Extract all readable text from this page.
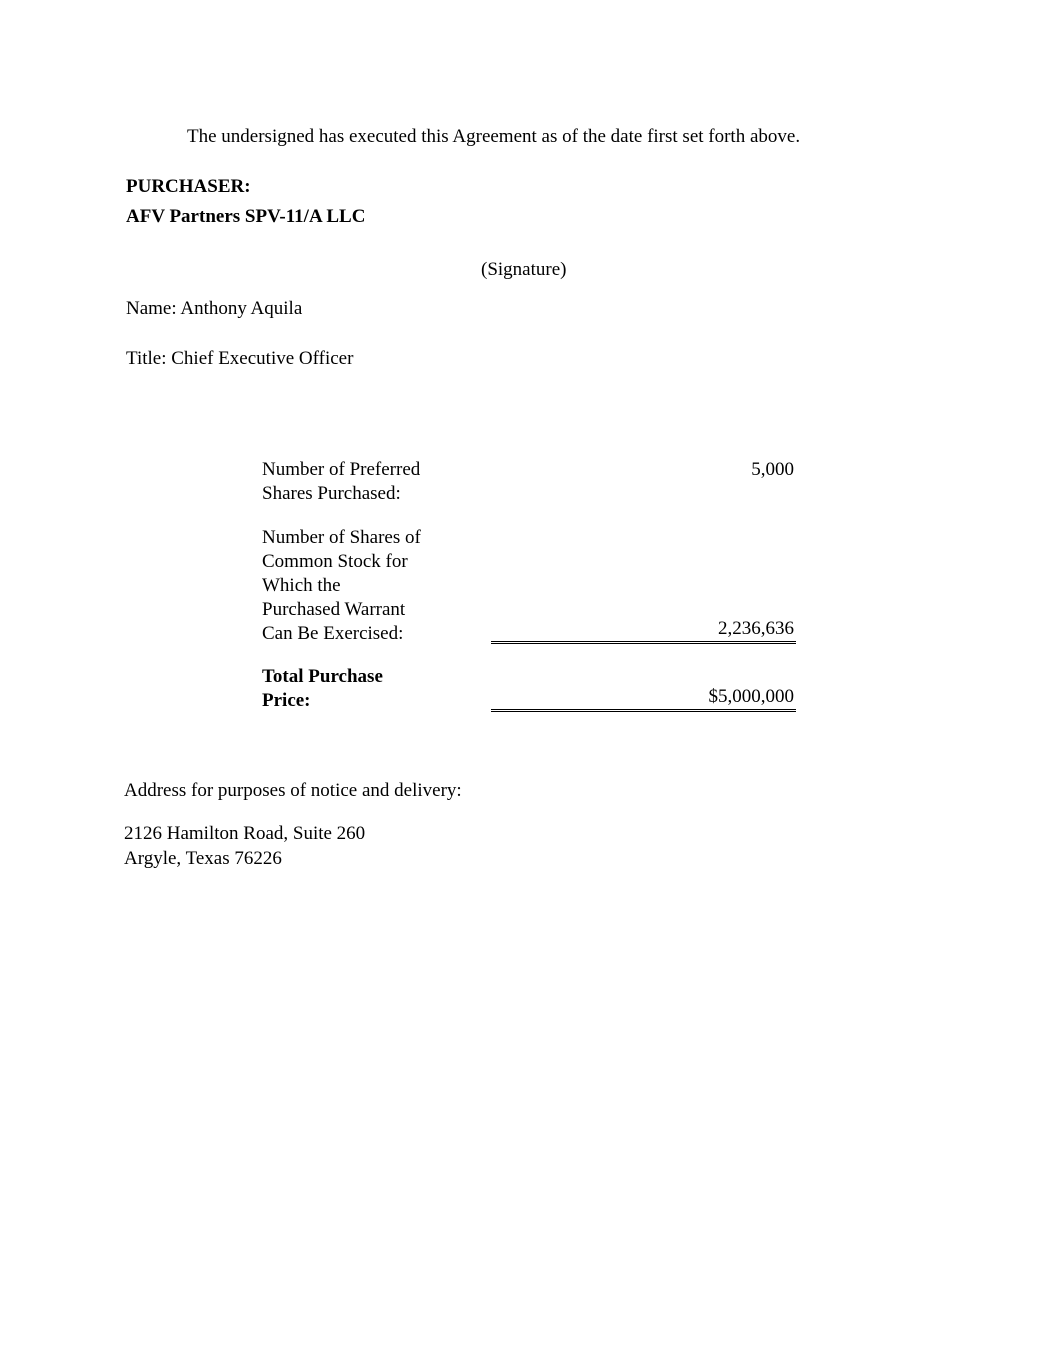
The undersigned has executed this Agreement as of the date first set forth above.
PURCHASER:
AFV Partners SPV-11/A LLC
(Signature)
Name: Anthony Aquila
Title: Chief Executive Officer
Number of Preferred
Shares Purchased:
5,000
Number of Shares of
Common Stock for
Which the
Purchased Warrant
Can Be Exercised:	2,236,636
Total Purchase
Price:	$5,000,000
Address for purposes of notice and delivery:
2126 Hamilton Road, Suite 260
Argyle, Texas 76226
